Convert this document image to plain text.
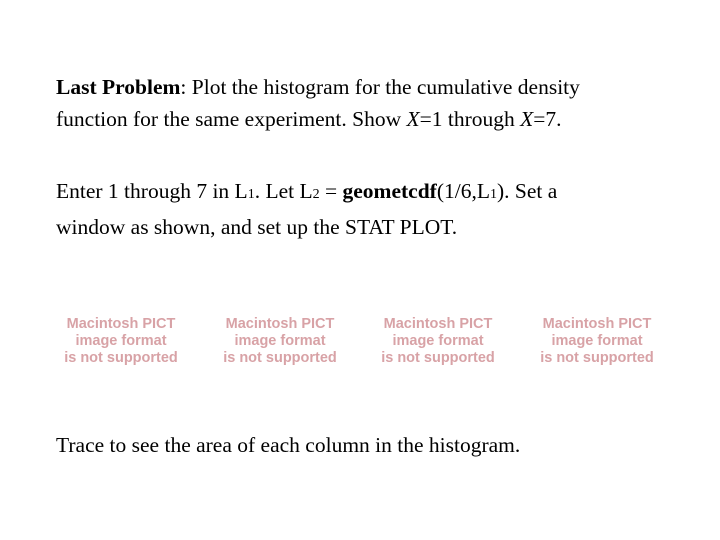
Last Problem: Plot the histogram for the cumulative density
function for the same experiment. Show X=1 through X=7.
Enter 1 through 7 in L1. Let L2 = geometcdf(1/6,L1). Set a
window as shown, and set up the STAT PLOT.
Macintosh PICT
image format
is not supported
Macintosh PICT
image format
is not supported
Macintosh PICT
image format
is not supported
Macintosh PICT
image format
is not supported
Trace to see the area of each column in the histogram.
